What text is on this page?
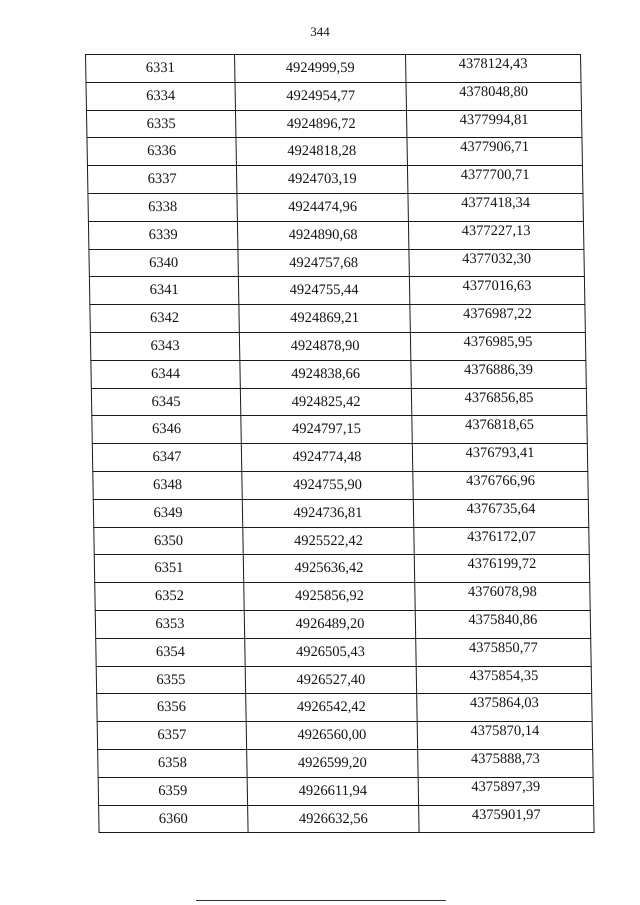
344
6331	4924999,59	4378124,43
6334	4924954,77	4378048,80
6335	4924896,72	4377994,81
6336	4924818,28	4377906,71
6337	4924703,19	4377700,71
6338	4924474,96	4377418,34
6339	4924890,68	4377227,13
6340	4924757,68	4377032,30
6341	4924755,44	4377016,63
6342	4924869,21	4376987,22
6343	4924878,90	4376985,95
6344	4924838,66	4376886,39
6345	4924825,42	4376856,85
6346	4924797,15	4376818,65
6347	4924774,48	4376793,41
6348	4924755,90	4376766,96
6349	4924736,81	4376735,64
6350	4925522,42	4376172,07
6351	4925636,42	4376199,72
6352	4925856,92	4376078,98
6353	4926489,20	4375840,86
6354	4926505,43	4375850,77
6355	4926527,40	4375854,35
6356	4926542,42	4375864,03
6357	4926560,00	4375870,14
6358	4926599,20	4375888,73
6359	4926611,94	4375897,39
6360	4926632,56	4375901,97
